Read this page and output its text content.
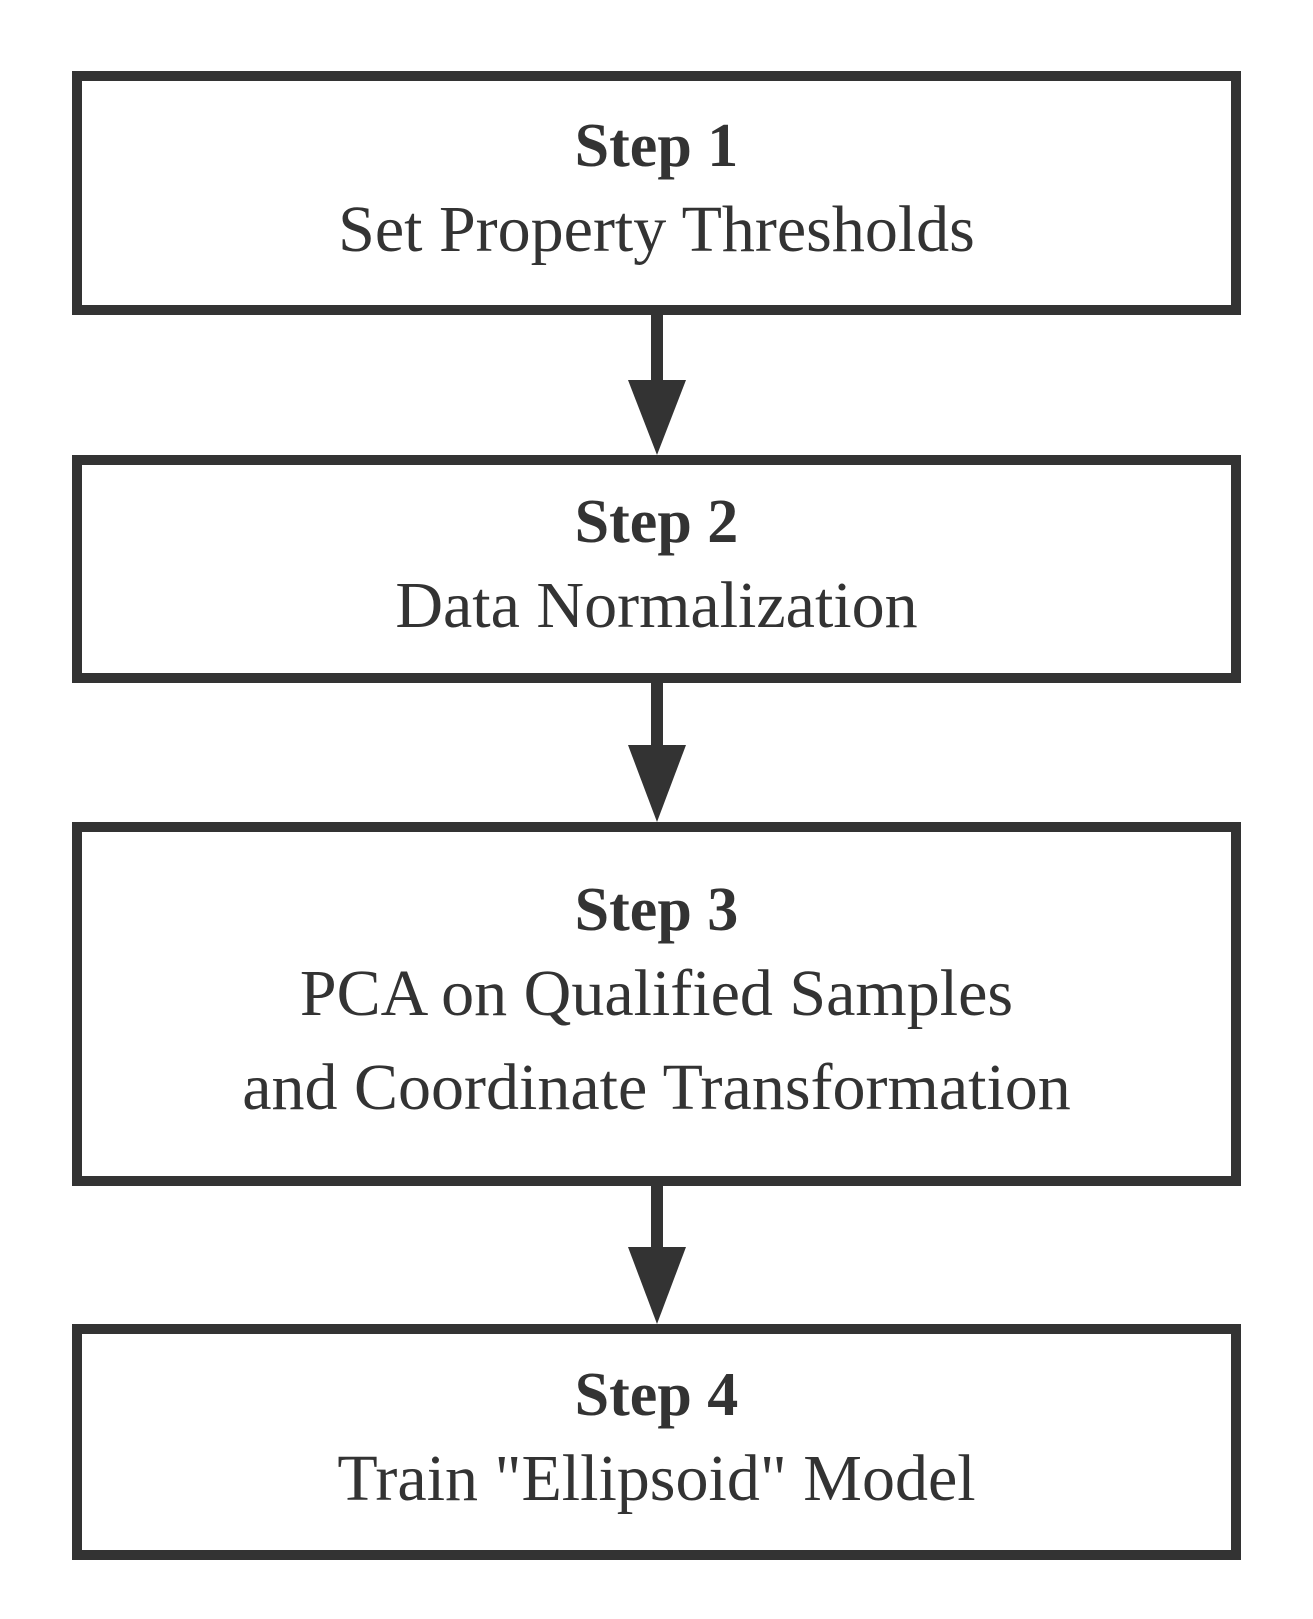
Step 1
Set Property Thresholds
Step 2
Data Normalization
Step 3
PCA on Qualified Samples
and Coordinate Transformation
Step 4
Train "Ellipsoid" Model
